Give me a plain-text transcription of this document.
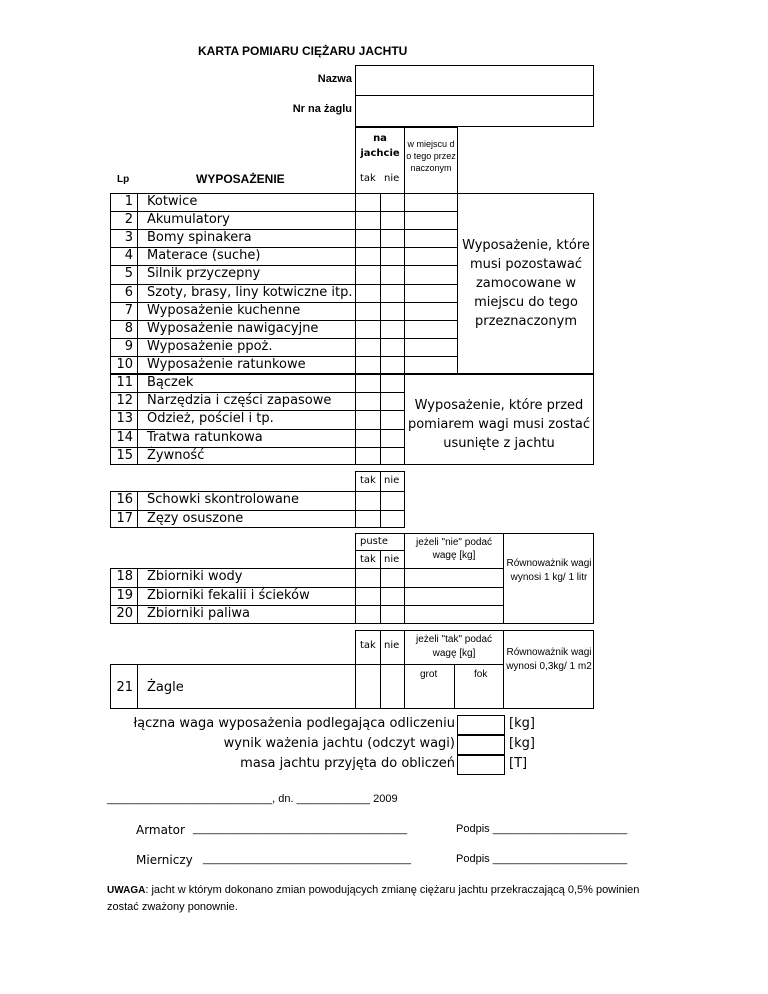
KARTA POMIARU CIĘŻARU JACHTU
Nazwa
Nr na żaglu
Lp	WYPOSAŻENIE
na jachcie
tak nie
w miejscu do tego przeznaczonym
1 Kotwice
2 Akumulatory
3 Bomy spinakera
4 Materace (suche)
5 Silnik przyczepny
6 Szoty, brasy, liny kotwiczne itp.
7 Wyposażenie kuchenne
8 Wyposażenie nawigacyjne
9 Wyposażenie ppoż.
10 Wyposażenie ratunkowe
Wyposażenie, które musi pozostawać zamocowane w miejscu do tego przeznaczonym
11 Bączek
12 Narzędzia i części zapasowe
13 Odzież, pościel i tp.
14 Tratwa ratunkowa
15 Żywność
Wyposażenie, które przed pomiarem wagi musi zostać usunięte z jachtu
tak nie
16 Schowki skontrolowane
17 Zęzy osuszone
puste
tak nie
jeżeli "nie" podać wagę [kg]
18 Zbiorniki wody
19 Zbiorniki fekalii i ścieków
20 Zbiorniki paliwa
Równoważnik wagi wynosi 1 kg/ 1 litr
tak nie
jeżeli "tak" podać wagę [kg]
grot	fok
21 Żagle
Równoważnik wagi wynosi 0,3kg/ 1 m2
łączna waga wyposażenia podlegająca odliczeniu	[kg]
wynik ważenia jachtu (odczyt wagi)	[kg]
masa jachtu przyjęta do obliczeń	[T]
___________________________, dn. ____________ 2009
Armator ___________________________________	Podpis ______________________
Mierniczy __________________________________	Podpis ______________________
UWAGA: jacht w którym dokonano zmian powodujących zmianę ciężaru jachtu przekraczającą 0,5% powinien zostać zważony ponownie.
